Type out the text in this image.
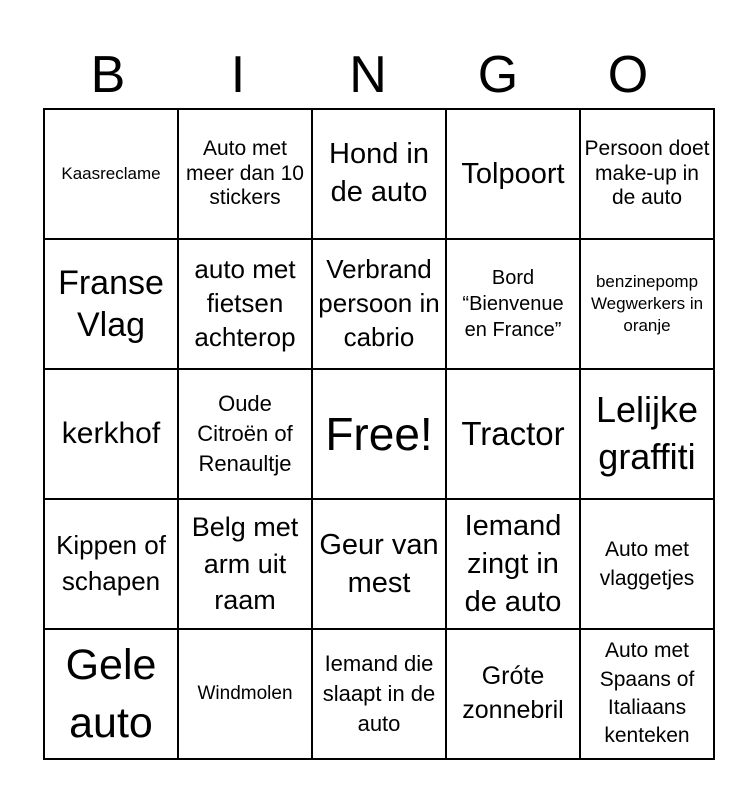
B	I	N	G	O
Kaasreclame	Auto met meer dan 10 stickers	Hond in de auto	Tolpoort	Persoon doet make-up in de auto

Franse Vlag	auto met fietsen achterop	Verbrand persoon in cabrio	Bord “Bienvenue en France”	benzinepomp Wegwerkers in oranje

kerkhof	Oude Citroën of Renaultje	Free!	Tractor	Lelijke graffiti

Kippen of schapen	Belg met arm uit raam	Geur van mest	Iemand zingt in de auto	Auto met vlaggetjes

Gele auto	Windmolen	Iemand die slaapt in de auto	Gróte zonnebril	Auto met Spaans of Italiaans kenteken
